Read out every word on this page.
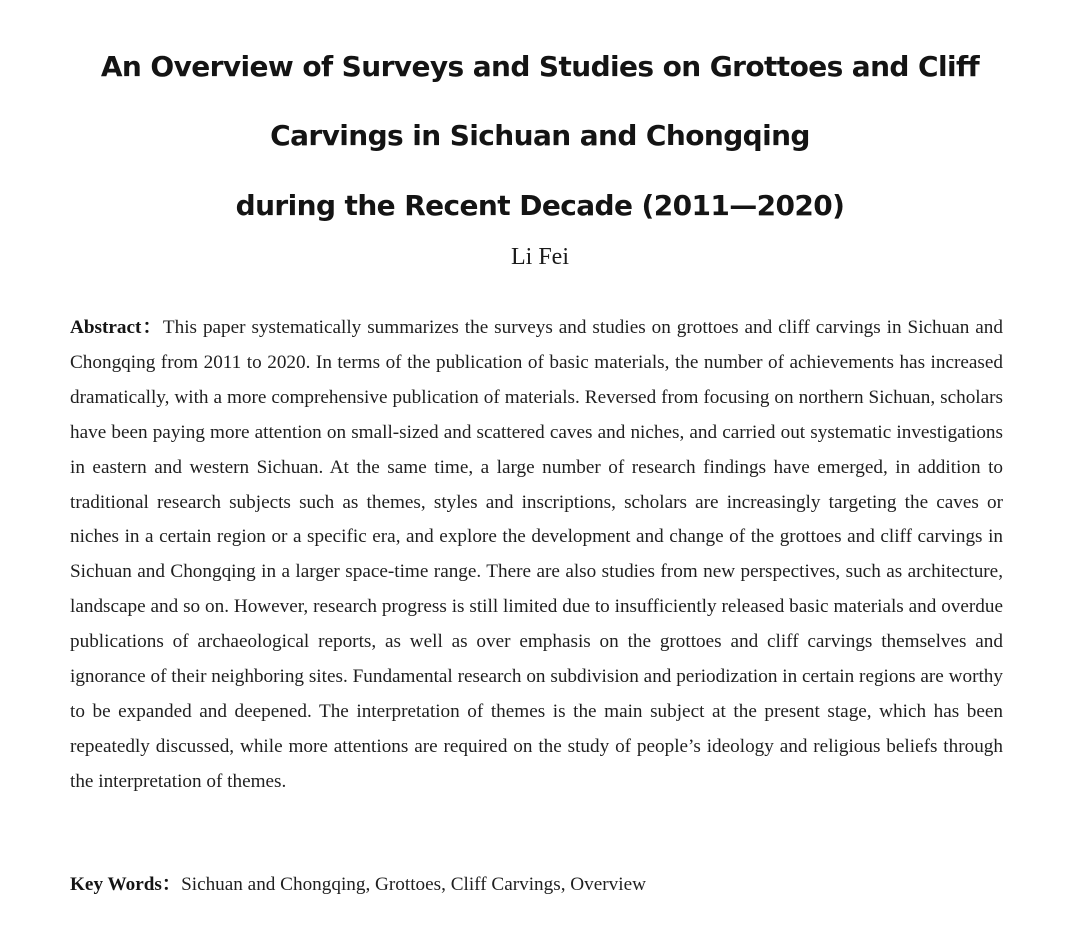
An Overview of Surveys and Studies on Grottoes and Cliff
Carvings in Sichuan and Chongqing
during the Recent Decade (2011—2020)
Li Fei

Abstract：This paper systematically summarizes the surveys and studies on grottoes and cliff carvings in Sichuan and Chongqing from 2011 to 2020. In terms of the publication of basic materials, the number of achievements has increased dramatically, with a more comprehensive publication of materials. Reversed from focusing on northern Sichuan, scholars have been paying more attention on small-sized and scattered caves and niches, and carried out systematic investigations in eastern and western Sichuan. At the same time, a large number of research findings have emerged, in addition to traditional research subjects such as themes, styles and inscriptions, scholars are increasingly targeting the caves or niches in a certain region or a specific era, and explore the development and change of the grottoes and cliff carvings in Sichuan and Chongqing in a larger space-time range. There are also studies from new perspectives, such as architecture, landscape and so on. However, research progress is still limited due to insufficiently released basic materials and overdue publications of archaeological reports, as well as over emphasis on the grottoes and cliff carvings themselves and ignorance of their neighboring sites. Fundamental research on subdivision and periodization in certain regions are worthy to be expanded and deepened. The interpretation of themes is the main subject at the present stage, which has been repeatedly discussed, while more attentions are required on the study of people’s ideology and religious beliefs through the interpretation of themes.

Key Words：Sichuan and Chongqing, Grottoes, Cliff Carvings, Overview
